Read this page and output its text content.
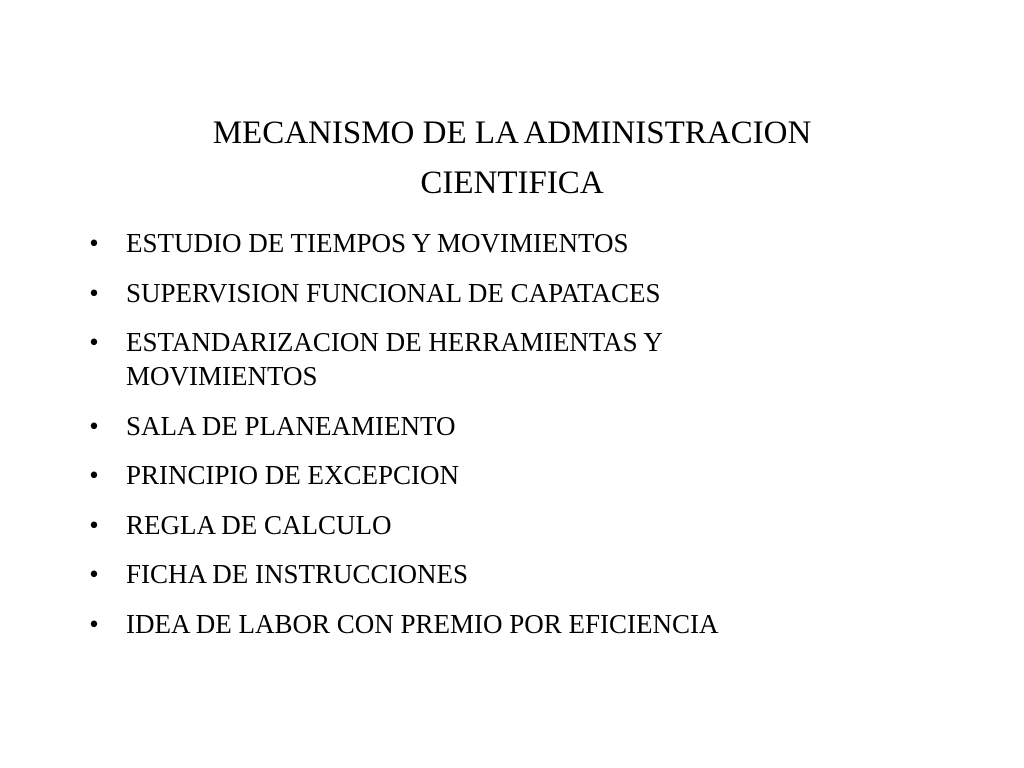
MECANISMO DE LA ADMINISTRACION
CIENTIFICA
• ESTUDIO DE TIEMPOS Y MOVIMIENTOS
• SUPERVISION FUNCIONAL DE CAPATACES
• ESTANDARIZACION DE HERRAMIENTAS Y
MOVIMIENTOS
• SALA DE PLANEAMIENTO
• PRINCIPIO DE EXCEPCION
• REGLA DE CALCULO
• FICHA DE INSTRUCCIONES
• IDEA DE LABOR CON PREMIO POR EFICIENCIA
